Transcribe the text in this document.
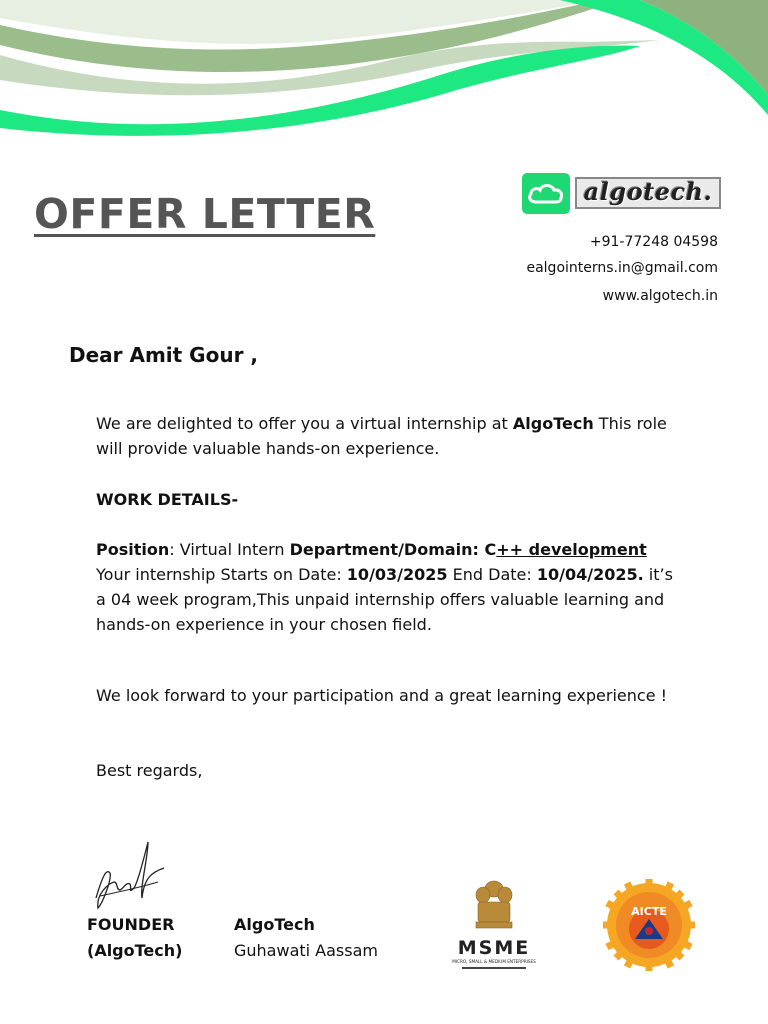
OFFER LETTER	algotech.
+91-77248 04598
ealgointerns.in@gmail.com
www.algotech.in
Dear Amit Gour ,
We are delighted to offer you a virtual internship at AlgoTech This role will provide valuable hands-on experience.
WORK DETAILS-
Position: Virtual Intern Department/Domain: C++ development Your internship Starts on Date: 10/03/2025 End Date: 10/04/2025. it’s a 04 week program,This unpaid internship offers valuable learning and hands-on experience in your chosen field.
We look forward to your participation and a great learning experience !
Best regards,
FOUNDER
(AlgoTech)
AlgoTech
Guhawati Aassam	MSME
MICRO, SMALL & MEDIUM ENTERPRISES
AICTE
